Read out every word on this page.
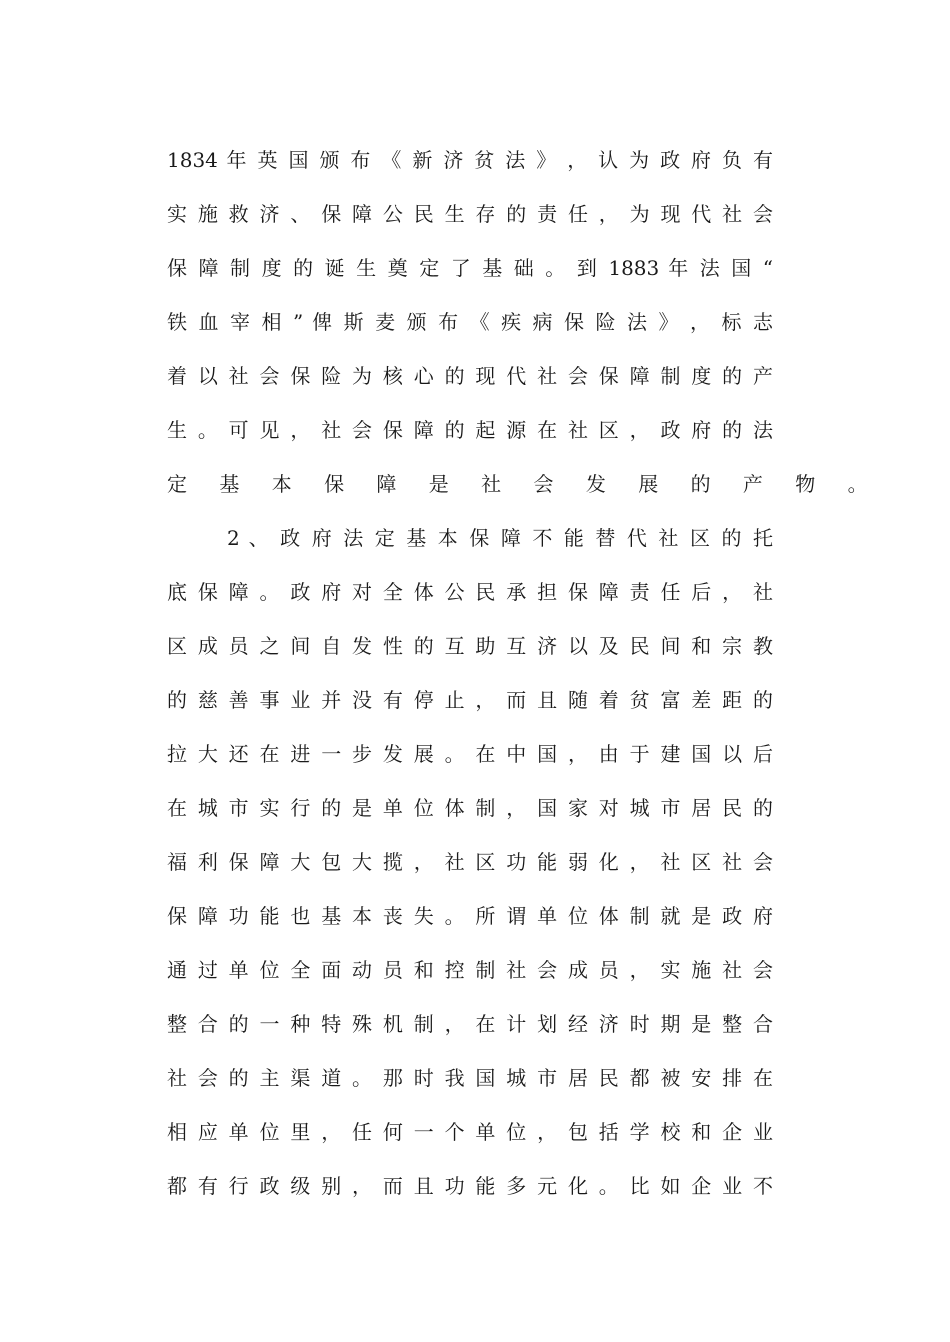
1834 年 英 国 颁 布 《 新 济 贫 法 》 ， 认 为 政 府 负 有
实 施 救 济 、 保 障 公 民 生 存 的 责 任 ， 为 现 代 社 会
保 障 制 度 的 诞 生 奠 定 了 基 础 。 到 1883 年 法 国 “
铁 血 宰 相 ” 俾 斯 麦 颁 布 《 疾 病 保 险 法 》 ， 标 志
着 以 社 会 保 险 为 核 心 的 现 代 社 会 保 障 制 度 的 产
生 。 可 见 ， 社 会 保 障 的 起 源 在 社 区 ， 政 府 的 法
定 基 本 保 障 是 社 会 发 展 的 产 物 。
2 、 政 府 法 定 基 本 保 障 不 能 替 代 社 区 的 托
底 保 障 。 政 府 对 全 体 公 民 承 担 保 障 责 任 后 ， 社
区 成 员 之 间 自 发 性 的 互 助 互 济 以 及 民 间 和 宗 教
的 慈 善 事 业 并 没 有 停 止 ， 而 且 随 着 贫 富 差 距 的
拉 大 还 在 进 一 步 发 展 。 在 中 国 ， 由 于 建 国 以 后
在 城 市 实 行 的 是 单 位 体 制 ， 国 家 对 城 市 居 民 的
福 利 保 障 大 包 大 揽 ， 社 区 功 能 弱 化 ， 社 区 社 会
保 障 功 能 也 基 本 丧 失 。 所 谓 单 位 体 制 就 是 政 府
通 过 单 位 全 面 动 员 和 控 制 社 会 成 员 ， 实 施 社 会
整 合 的 一 种 特 殊 机 制 ， 在 计 划 经 济 时 期 是 整 合
社 会 的 主 渠 道 。 那 时 我 国 城 市 居 民 都 被 安 排 在
相 应 单 位 里 ， 任 何 一 个 单 位 ， 包 括 学 校 和 企 业
都 有 行 政 级 别 ， 而 且 功 能 多 元 化 。 比 如 企 业 不
